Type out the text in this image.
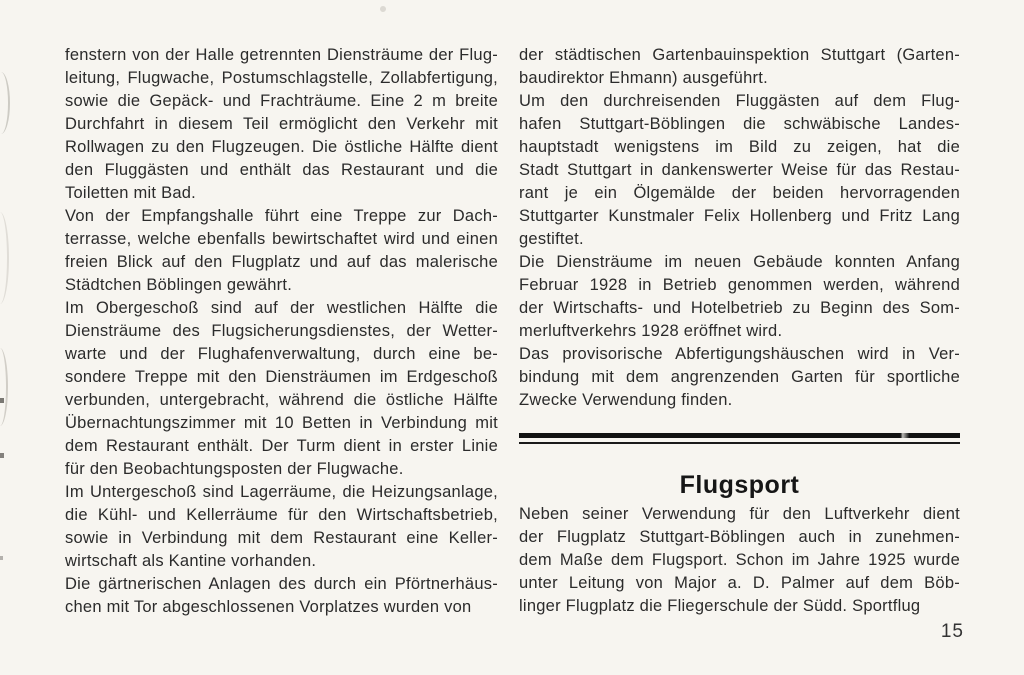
fenstern von der Halle getrennten Diensträume der Flug-
leitung, Flugwache, Postumschlagstelle, Zollabfertigung,
sowie die Gepäck- und Frachträume. Eine 2 m breite
Durchfahrt in diesem Teil ermöglicht den Verkehr mit
Rollwagen zu den Flugzeugen. Die östliche Hälfte dient
den Fluggästen und enthält das Restaurant und die
Toiletten mit Bad.
Von der Empfangshalle führt eine Treppe zur Dach-
terrasse, welche ebenfalls bewirtschaftet wird und einen
freien Blick auf den Flugplatz und auf das malerische
Städtchen Böblingen gewährt.
Im Obergeschoß sind auf der westlichen Hälfte die
Diensträume des Flugsicherungsdienstes, der Wetter-
warte und der Flughafenverwaltung, durch eine be-
sondere Treppe mit den Diensträumen im Erdgeschoß
verbunden, untergebracht, während die östliche Hälfte
Übernachtungszimmer mit 10 Betten in Verbindung mit
dem Restaurant enthält. Der Turm dient in erster Linie
für den Beobachtungsposten der Flugwache.
Im Untergeschoß sind Lagerräume, die Heizungsanlage,
die Kühl- und Kellerräume für den Wirtschaftsbetrieb,
sowie in Verbindung mit dem Restaurant eine Keller-
wirtschaft als Kantine vorhanden.
Die gärtnerischen Anlagen des durch ein Pförtnerhäus-
chen mit Tor abgeschlossenen Vorplatzes wurden von
der städtischen Gartenbauinspektion Stuttgart (Garten-
baudirektor Ehmann) ausgeführt.
Um den durchreisenden Fluggästen auf dem Flug-
hafen Stuttgart-Böblingen die schwäbische Landes-
hauptstadt wenigstens im Bild zu zeigen, hat die
Stadt Stuttgart in dankenswerter Weise für das Restau-
rant je ein Ölgemälde der beiden hervorragenden
Stuttgarter Kunstmaler Felix Hollenberg und Fritz Lang
gestiftet.
Die Diensträume im neuen Gebäude konnten Anfang
Februar 1928 in Betrieb genommen werden, während
der Wirtschafts- und Hotelbetrieb zu Beginn des Som-
merluftverkehrs 1928 eröffnet wird.
Das provisorische Abfertigungshäuschen wird in Ver-
bindung mit dem angrenzenden Garten für sportliche
Zwecke Verwendung finden.
Flugsport
Neben seiner Verwendung für den Luftverkehr dient
der Flugplatz Stuttgart-Böblingen auch in zunehmen-
dem Maße dem Flugsport. Schon im Jahre 1925 wurde
unter Leitung von Major a. D. Palmer auf dem Böb-
linger Flugplatz die Fliegerschule der Südd. Sportflug
15
